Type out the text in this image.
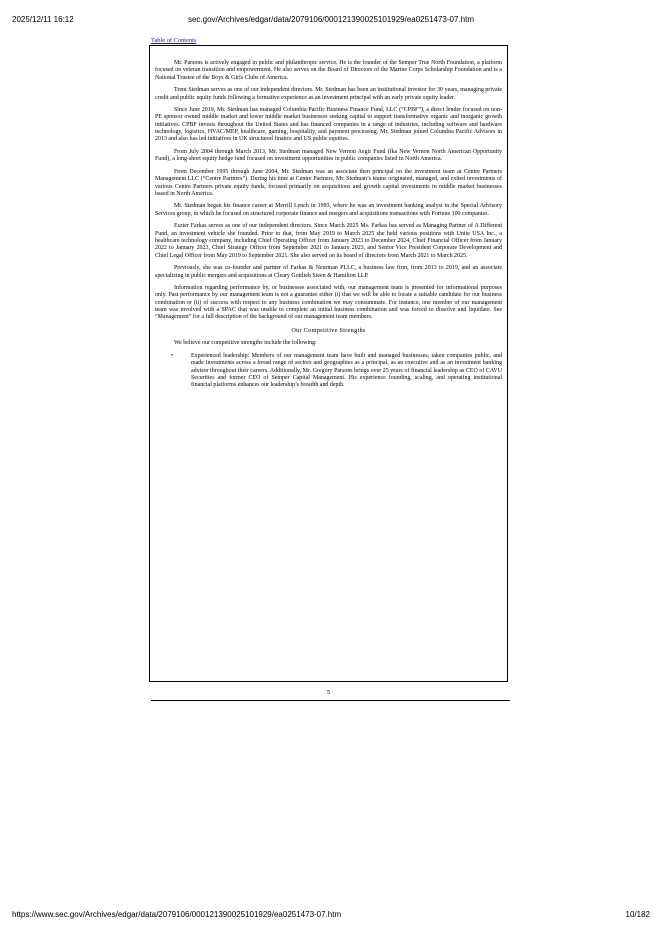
2025/12/11 16:12	sec.gov/Archives/edgar/data/2079106/000121390025101929/ea0251473-07.htm
Table of Contents

Mr. Parsons is actively engaged in public and philanthropic service. He is the founder of the Semper True North Foundation, a platform focused on veteran transition and empowerment. He also serves on the Board of Directors of the Marine Corps Scholarship Foundation and is a National Trustee of the Boys & Girls Clubs of America.

Trent Stedman serves as one of our independent directors. Mr. Stedman has been an institutional investor for 30 years, managing private credit and public equity funds following a formative experience as an investment principal with an early private equity leader.

Since June 2019, Mr. Stedman has managed Columbia Pacific Business Finance Fund, LLC (“CPBF”), a direct lender focused on non-PE sponsor owned middle market and lower middle market businesses seeking capital to support transformative organic and inorganic growth initiatives. CPBF invests throughout the United States and has financed companies in a range of industries, including software and hardware technology, logistics, HVAC/MEP, healthcare, gaming, hospitality, and payment processing. Mr. Stedman joined Columbia Pacific Advisors in 2013 and also has led initiatives in UK structured finance and US public equities.

From July 2004 through March 2013, Mr. Stedman managed New Vernon Aegir Fund (fka New Vernon North American Opportunity Fund), a long-short equity hedge fund focused on investment opportunities in public companies listed in North America.

From December 1995 through June 2004, Mr. Stedman was an associate then principal on the investment team at Centre Partners Management LLC (“Centre Partners”). During his time at Centre Partners, Mr. Stedman’s teams originated, managed, and exited investments of various Centre Partners private equity funds, focused primarily on acquisitions and growth capital investments in middle market businesses based in North America.

Mr. Stedman began his finance career at Merrill Lynch in 1993, where he was an investment banking analyst in the Special Advisory Services group, in which he focused on structured corporate finance and mergers and acquisitions transactions with Fortune 100 companies.

Eszter Farkas serves as one of our independent directors. Since March 2025 Ms. Farkas has served as Managing Partner of A Different Fund, an investment vehicle she founded. Prior to that, from May 2019 to March 2025 she held various positions with Unite USA Inc., a healthcare technology company, including Chief Operating Officer from January 2023 to December 2024, Chief Financial Officer from January 2022 to January 2023, Chief Strategy Officer from September 2021 to January 2023, and Senior Vice President Corporate Development and Chief Legal Officer from May 2019 to September 2021. She also served on its board of directors from March 2021 to March 2025.

Previously, she was co-founder and partner of Farkas & Neurman PLLC, a business law firm, from 2013 to 2019, and an associate specializing in public mergers and acquisitions at Cleary Gottlieb Steen & Hamilton LLP.

Information regarding performance by, or businesses associated with, our management team is presented for informational purposes only. Past performance by our management team is not a guarantee either (i) that we will be able to locate a suitable candidate for our business combination or (ii) of success with respect to any business combination we may consummate. For instance, one member of our management team was involved with a SPAC that was unable to complete an initial business combination and was forced to dissolve and liquidate. See “Management” for a full description of the background of our management team members.

Our Competitive Strengths

We believe our competitive strengths include the following:

•	Experienced leadership: Members of our management team have built and managed businesses, taken companies public, and made investments across a broad range of sectors and geographies as a principal, as an executive and as an investment banking advisor throughout their careers. Additionally, Mr. Gregory Parsons brings over 25 years of financial leadership as CEO of CAVU Securities and former CEO of Semper Capital Management. His experience founding, scaling, and operating institutional financial platforms enhances our leadership’s breadth and depth.
5
https://www.sec.gov/Archives/edgar/data/2079106/000121390025101929/ea0251473-07.htm	10/182
